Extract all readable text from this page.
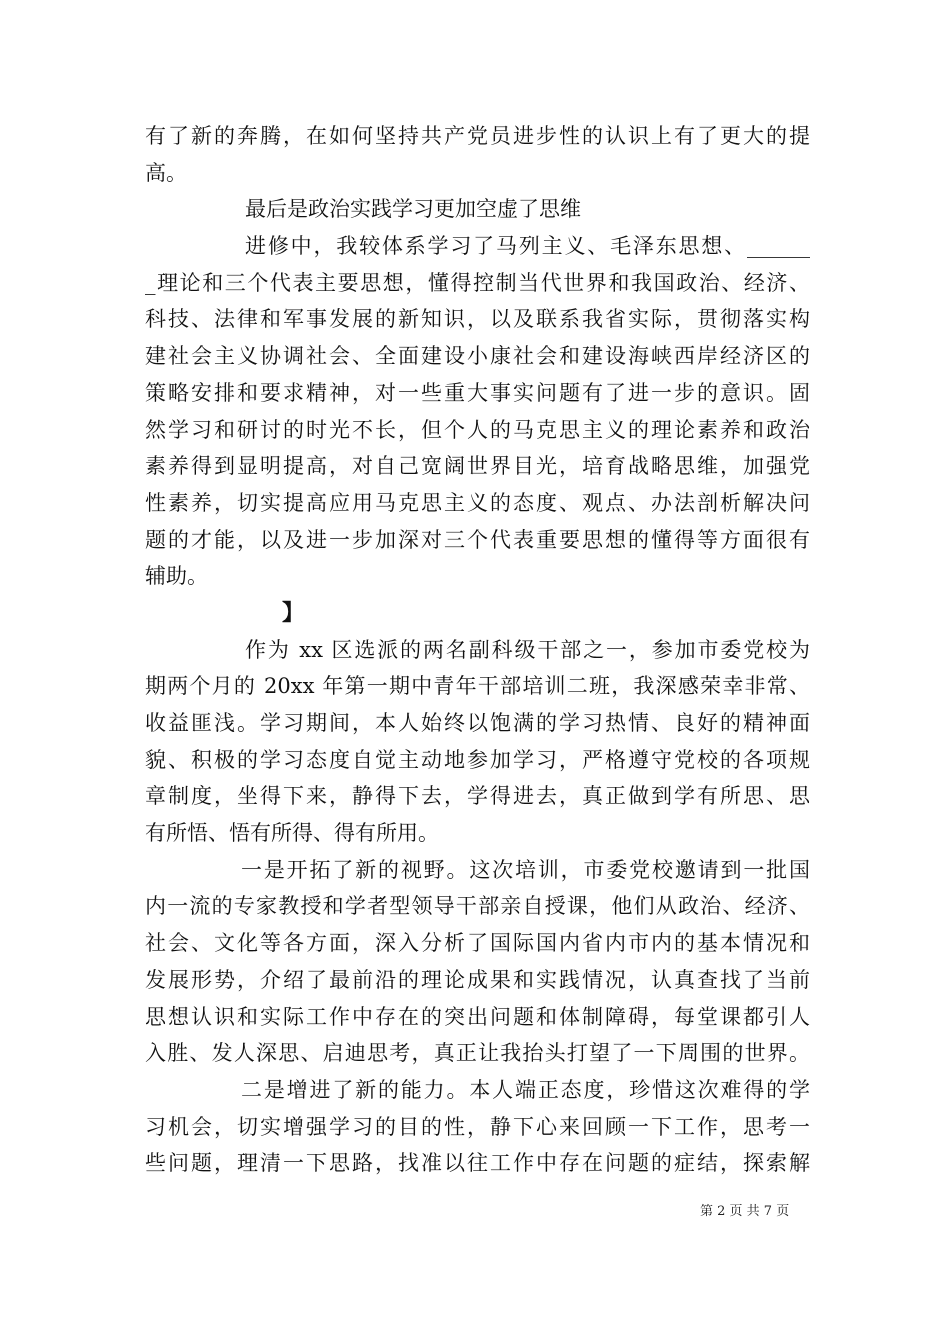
有了新的奔腾，在如何坚持共产党员进步性的认识上有了更大的提
高。
最后是政治实践学习更加空虚了思维
进修中，我较体系学习了马列主义、毛泽东思想、______
_理论和三个代表主要思想，懂得控制当代世界和我国政治、经济、
科技、法律和军事发展的新知识，以及联系我省实际，贯彻落实构
建社会主义协调社会、全面建设小康社会和建设海峡西岸经济区的
策略安排和要求精神，对一些重大事实问题有了进一步的意识。固
然学习和研讨的时光不长，但个人的马克思主义的理论素养和政治
素养得到显明提高，对自己宽阔世界目光，培育战略思维，加强党
性素养，切实提高应用马克思主义的态度、观点、办法剖析解决问
题的才能，以及进一步加深对三个代表重要思想的懂得等方面很有
辅助。
】
作为 xx 区选派的两名副科级干部之一，参加市委党校为
期两个月的 20xx 年第一期中青年干部培训二班，我深感荣幸非常、
收益匪浅。学习期间，本人始终以饱满的学习热情、良好的精神面
貌、积极的学习态度自觉主动地参加学习，严格遵守党校的各项规
章制度，坐得下来，静得下去，学得进去，真正做到学有所思、思
有所悟、悟有所得、得有所用。
一是开拓了新的视野。这次培训，市委党校邀请到一批国
内一流的专家教授和学者型领导干部亲自授课，他们从政治、经济、
社会、文化等各方面，深入分析了国际国内省内市内的基本情况和
发展形势，介绍了最前沿的理论成果和实践情况，认真查找了当前
思想认识和实际工作中存在的突出问题和体制障碍，每堂课都引人
入胜、发人深思、启迪思考，真正让我抬头打望了一下周围的世界。
二是增进了新的能力。本人端正态度，珍惜这次难得的学
习机会，切实增强学习的目的性，静下心来回顾一下工作，思考一
些问题，理清一下思路，找准以往工作中存在问题的症结，探索解
第 2 页 共 7 页
